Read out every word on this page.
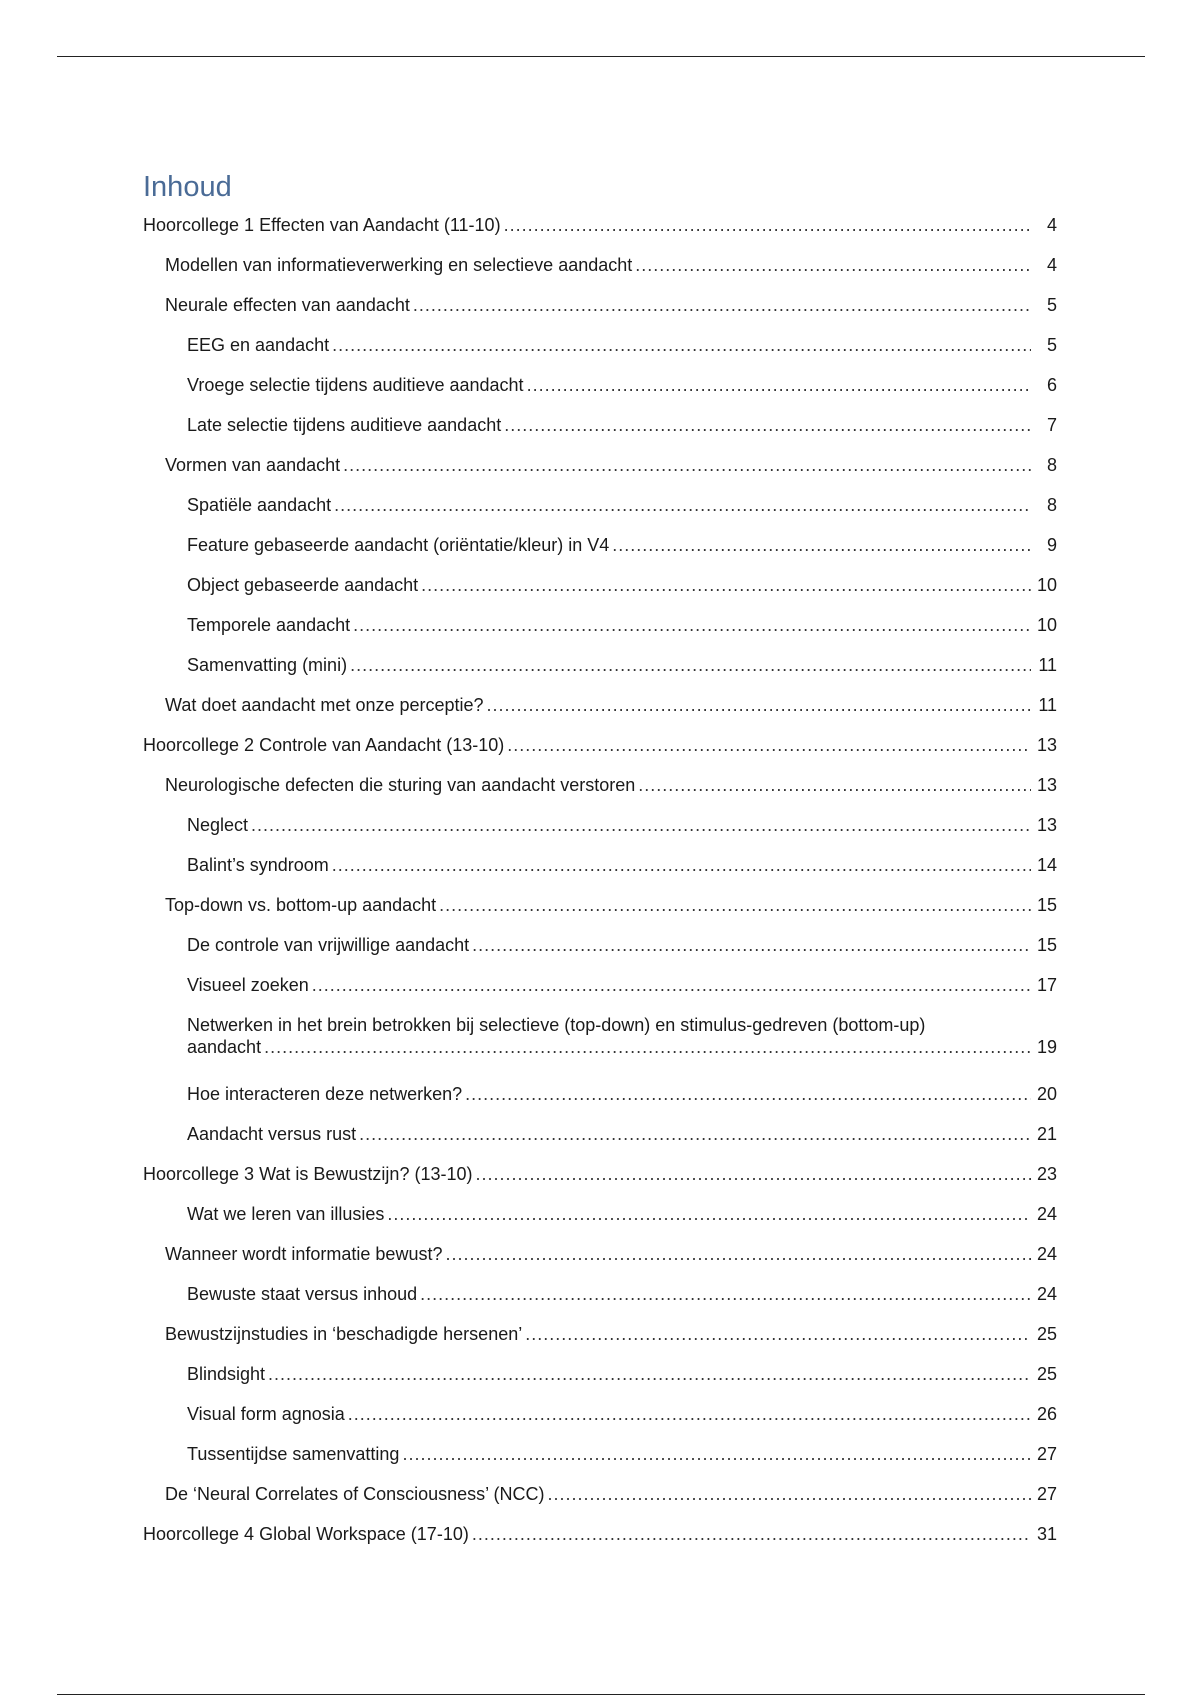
Inhoud
Hoorcollege 1 Effecten van Aandacht (11-10) .....	4
Modellen van informatieverwerking en selectieve aandacht .....	4
Neurale effecten van aandacht .....	5
EEG en aandacht .....	5
Vroege selectie tijdens auditieve aandacht .....	6
Late selectie tijdens auditieve aandacht .....	7
Vormen van aandacht .....	8
Spatiële aandacht .....	8
Feature gebaseerde aandacht (oriëntatie/kleur) in V4 .....	9
Object gebaseerde aandacht .....	10
Temporele aandacht .....	10
Samenvatting (mini) .....	11
Wat doet aandacht met onze perceptie? .....	11
Hoorcollege 2 Controle van Aandacht (13-10) .....	13
Neurologische defecten die sturing van aandacht verstoren .....	13
Neglect .....	13
Balint’s syndroom .....	14
Top-down vs. bottom-up aandacht .....	15
De controle van vrijwillige aandacht .....	15
Visueel zoeken .....	17
Netwerken in het brein betrokken bij selectieve (top-down) en stimulus-gedreven (bottom-up)
aandacht .....	19
Hoe interacteren deze netwerken? .....	20
Aandacht versus rust .....	21
Hoorcollege 3 Wat is Bewustzijn? (13-10) .....	23
Wat we leren van illusies .....	24
Wanneer wordt informatie bewust? .....	24
Bewuste staat versus inhoud .....	24
Bewustzijnstudies in ‘beschadigde hersenen’ .....	25
Blindsight .....	25
Visual form agnosia .....	26
Tussentijdse samenvatting .....	27
De ‘Neural Correlates of Consciousness’ (NCC) .....	27
Hoorcollege 4 Global Workspace (17-10) .....	31
